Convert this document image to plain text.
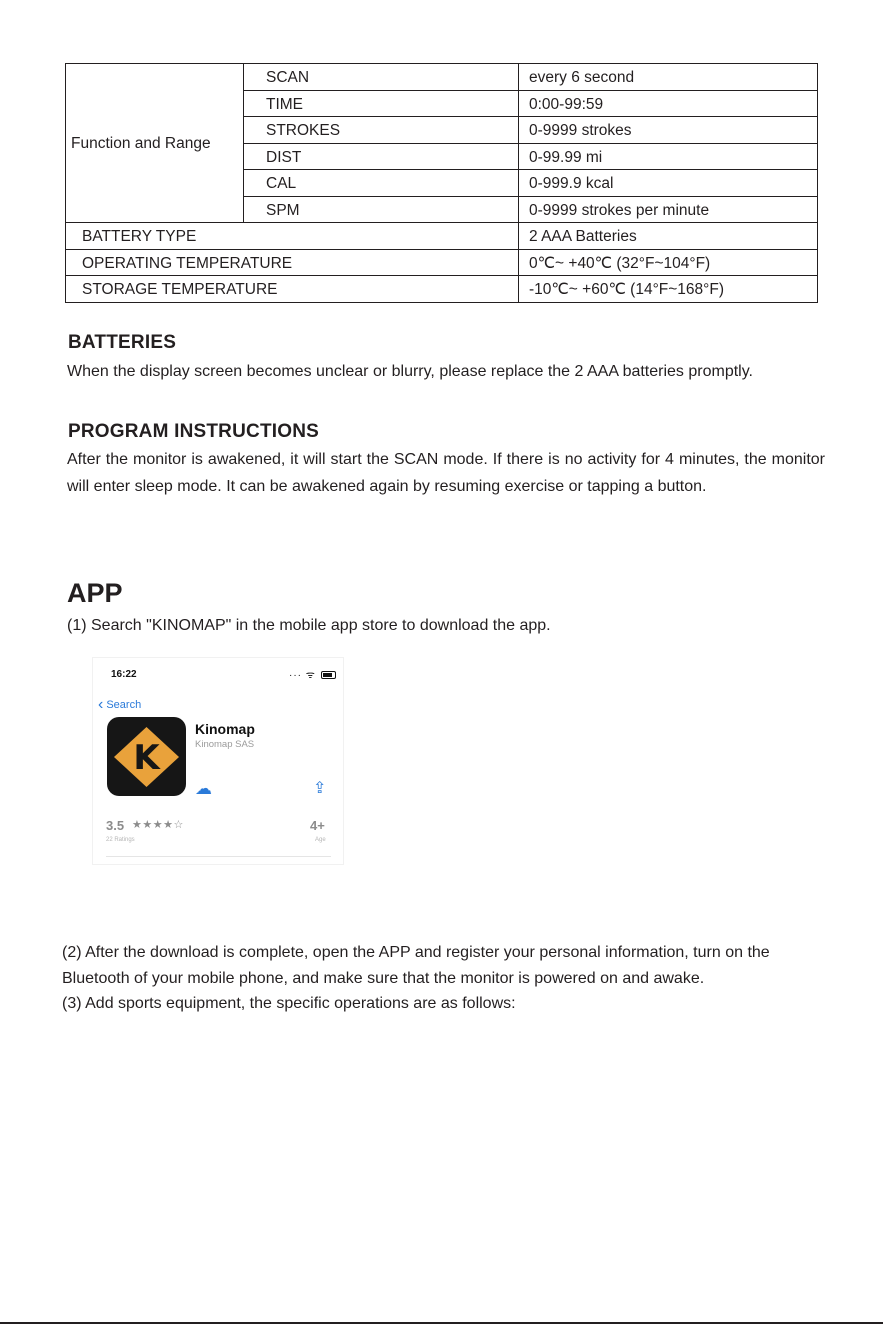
Function and Range	SCAN	every 6 second
	TIME	0:00-99:59
	STROKES	0-9999 strokes
	DIST	0-99.99 mi
	CAL	0-999.9 kcal
	SPM	0-9999 strokes per minute
BATTERY TYPE		2 AAA Batteries
OPERATING TEMPERATURE		0℃~ +40℃ (32°F~104°F)
STORAGE TEMPERATURE		-10℃~ +60℃ (14°F~168°F)
BATTERIES

When the display screen becomes unclear or blurry, please replace the 2 AAA batteries promptly.

PROGRAM INSTRUCTIONS

After the monitor is awakened, it will start the SCAN mode. If there is no activity for 4 minutes, the monitor will enter sleep mode. It can be awakened again by resuming exercise or tapping a button.

APP

(1) Search "KINOMAP" in the mobile app store to download the app.

16:22	··· ᯤ
‹ Search
K
Kinomap
Kinomap SAS
☁	⇪
3.5 ★★★★☆
22 Ratings
4+
Age

(2) After the download is complete, open the APP and register your personal information, turn on the Bluetooth of your mobile phone, and make sure that the monitor is powered on and awake.

(3) Add sports equipment, the specific operations are as follows:
